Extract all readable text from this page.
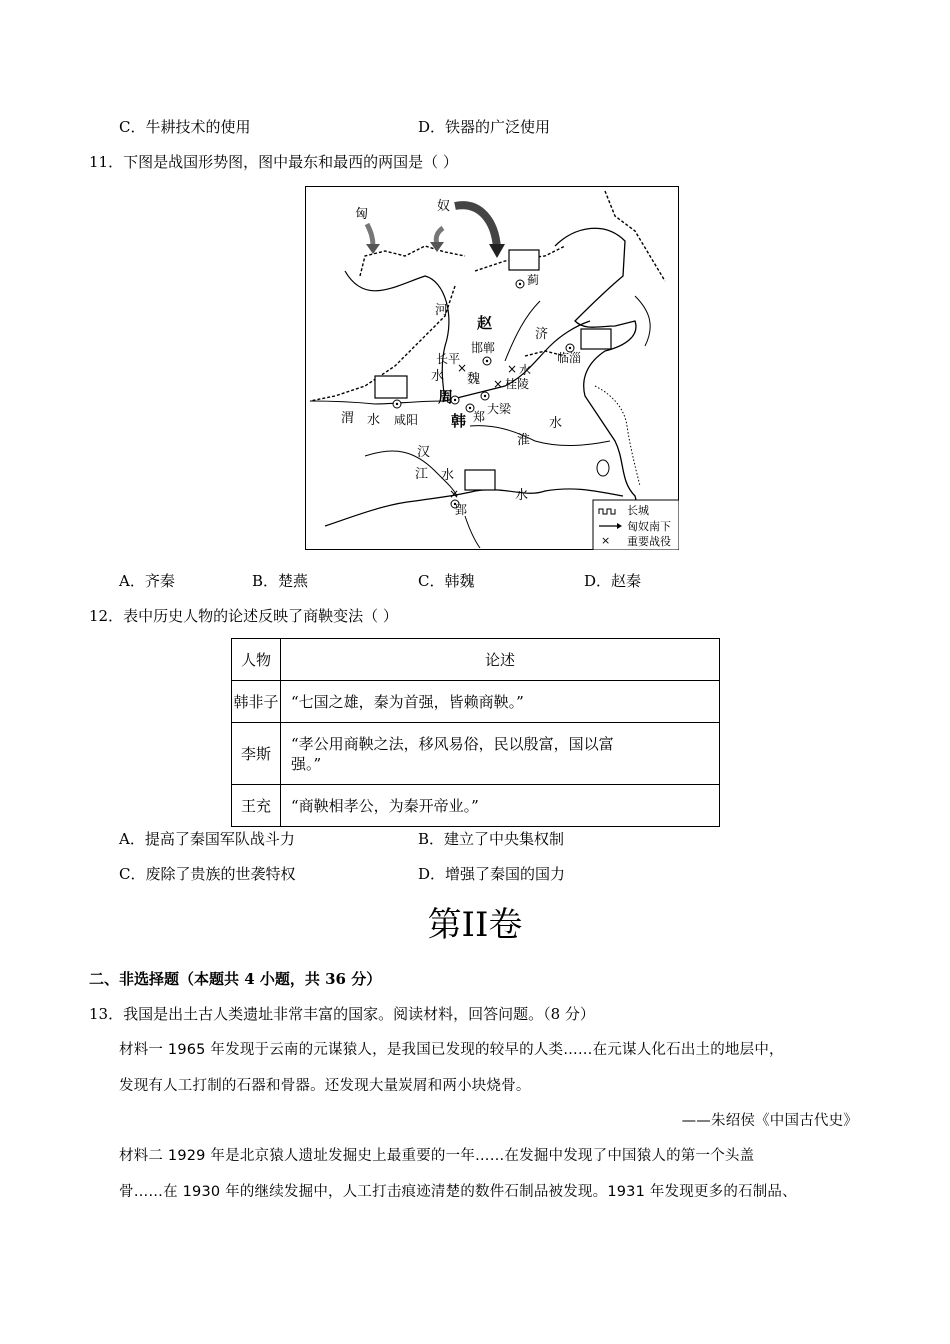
C．牛耕技术的使用	D．铁器的广泛使用
11．下图是战国形势图，图中最东和最西的两国是（ ）
×	×
×
×
匈
奴
蓟
赵
河
济
临淄
邯郸
长平
魏
水	水
桂陵
周
大梁
郑
韩
渭 水 咸阳
淮
水
汉
江 水
郢
水
×
长城
匈奴南下
重要战役
A．齐秦	B．楚燕	C．韩魏	D．赵秦
12．表中历史人物的论述反映了商鞅变法（ ）
人物	论述
韩非子	“七国之雄，秦为首强，皆赖商鞅。”
李斯	“孝公用商鞅之法，移风易俗，民以殷富，国以富
强。”

王充	“商鞅相孝公，为秦开帝业。”
A．提高了秦国军队战斗力	B．建立了中央集权制
C．废除了贵族的世袭特权	D．增强了秦国的国力
第II卷
二、非选择题（本题共 4 小题，共 36 分）
13．我国是出土古人类遗址非常丰富的国家。阅读材料，回答问题。（8 分）
材料一 1965 年发现于云南的元谋猿人，是我国已发现的较早的人类……在元谋人化石出土的地层中，
发现有人工打制的石器和骨器。还发现大量炭屑和两小块烧骨。
——朱绍侯《中国古代史》
材料二 1929 年是北京猿人遗址发掘史上最重要的一年……在发掘中发现了中国猿人的第一个头盖
骨……在 1930 年的继续发掘中，人工打击痕迹清楚的数件石制品被发现。1931 年发现更多的石制品、
